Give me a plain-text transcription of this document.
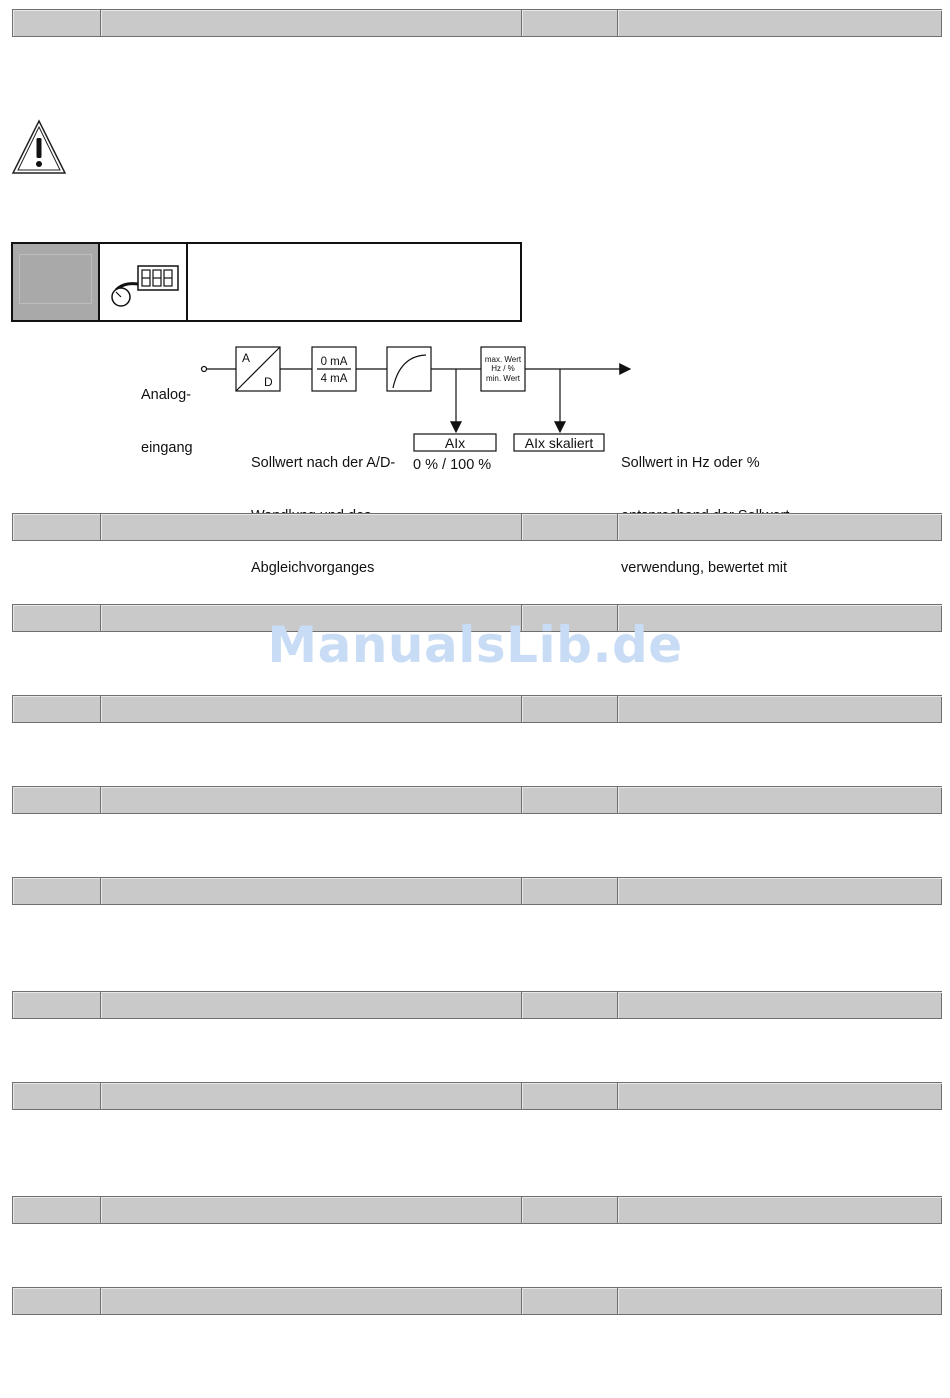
A
D
0 mA
4 mA
max. Wert
Hz / %
min. Wert
AIx	AIx skaliert

Analog-

eingang

Sollwert nach der A/D-

Abgleichvorganges

0 % / 100 %

	Sollwert in Hz oder %

verwendung, bewertet mit

ManualsLib.de
